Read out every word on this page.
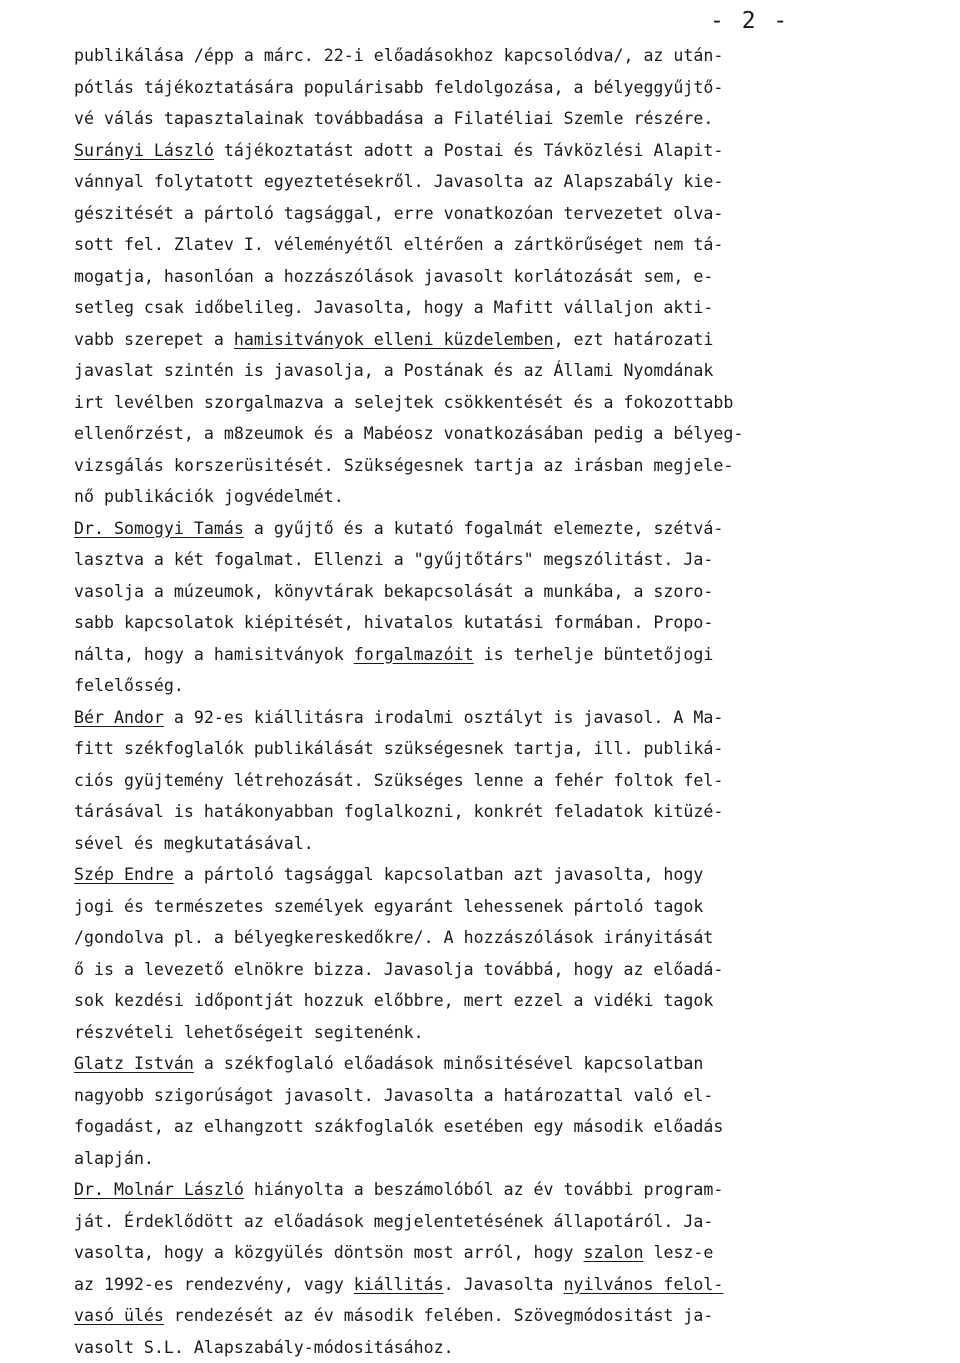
- 2 -
publikálása /épp a márc. 22-i előadásokhoz kapcsolódva/, az után-
pótlás tájékoztatására populárisabb feldolgozása, a bélyeggyűjtő-
vé válás tapasztalainak továbbadása a Filatéliai Szemle részére.
Surányi László tájékoztatást adott a Postai és Távközlési Alapit-
vánnyal folytatott egyeztetésekről. Javasolta az Alapszabály kie-
gészitését a pártoló tagsággal, erre vonatkozóan tervezetet olva-
sott fel. Zlatev I. véleményétől eltérően a zártkörűséget nem tá-
mogatja, hasonlóan a hozzászólások javasolt korlátozását sem, e-
setleg csak időbelileg. Javasolta, hogy a Mafitt vállaljon akti-
vabb szerepet a hamisitványok elleni küzdelemben, ezt határozati
javaslat szintén is javasolja, a Postának és az Állami Nyomdának
irt levélben szorgalmazva a selejtek csökkentését és a fokozottabb
ellenőrzést, a m8zeumok és a Mabéosz vonatkozásában pedig a bélyeg-
vizsgálás korszerüsitését. Szükségesnek tartja az irásban megjele-
nő publikációk jogvédelmét.
Dr. Somogyi Tamás a gyűjtő és a kutató fogalmát elemezte, szétvá-
lasztva a két fogalmat. Ellenzi a "gyűjtőtárs" megszólitást. Ja-
vasolja a múzeumok, könyvtárak bekapcsolását a munkába, a szoro-
sabb kapcsolatok kiépitését, hivatalos kutatási formában. Propo-
nálta, hogy a hamisitványok forgalmazóit is terhelje büntetőjogi
felelősség.
Bér Andor a 92-es kiállitásra irodalmi osztályt is javasol. A Ma-
fitt székfoglalók publikálását szükségesnek tartja, ill. publiká-
ciós gyüjtemény létrehozását. Szükséges lenne a fehér foltok fel-
tárásával is hatákonyabban foglalkozni, konkrét feladatok kitüzé-
sével és megkutatásával.
Szép Endre a pártoló tagsággal kapcsolatban azt javasolta, hogy
jogi és természetes személyek egyaránt lehessenek pártoló tagok
/gondolva pl. a bélyegkereskedőkre/. A hozzászólások irányitását
ő is a levezető elnökre bizza. Javasolja továbbá, hogy az előadá-
sok kezdési időpontját hozzuk előbbre, mert ezzel a vidéki tagok
részvételi lehetőségeit segitenénk.
Glatz István a székfoglaló előadások minősitésével kapcsolatban
nagyobb szigorúságot javasolt. Javasolta a határozattal való el-
fogadást, az elhangzott szákfoglalók esetében egy második előadás
alapján.
Dr. Molnár László hiányolta a beszámolóból az év további program-
ját. Érdeklődött az előadások megjelentetésének állapotáról. Ja-
vasolta, hogy a közgyülés döntsön most arról, hogy szalon lesz-e
az 1992-es rendezvény, vagy kiállitás. Javasolta nyilvános felol-
vasó ülés rendezését az év második felében. Szövegmódositást ja-
vasolt S.L. Alapszabály-módositásához.
